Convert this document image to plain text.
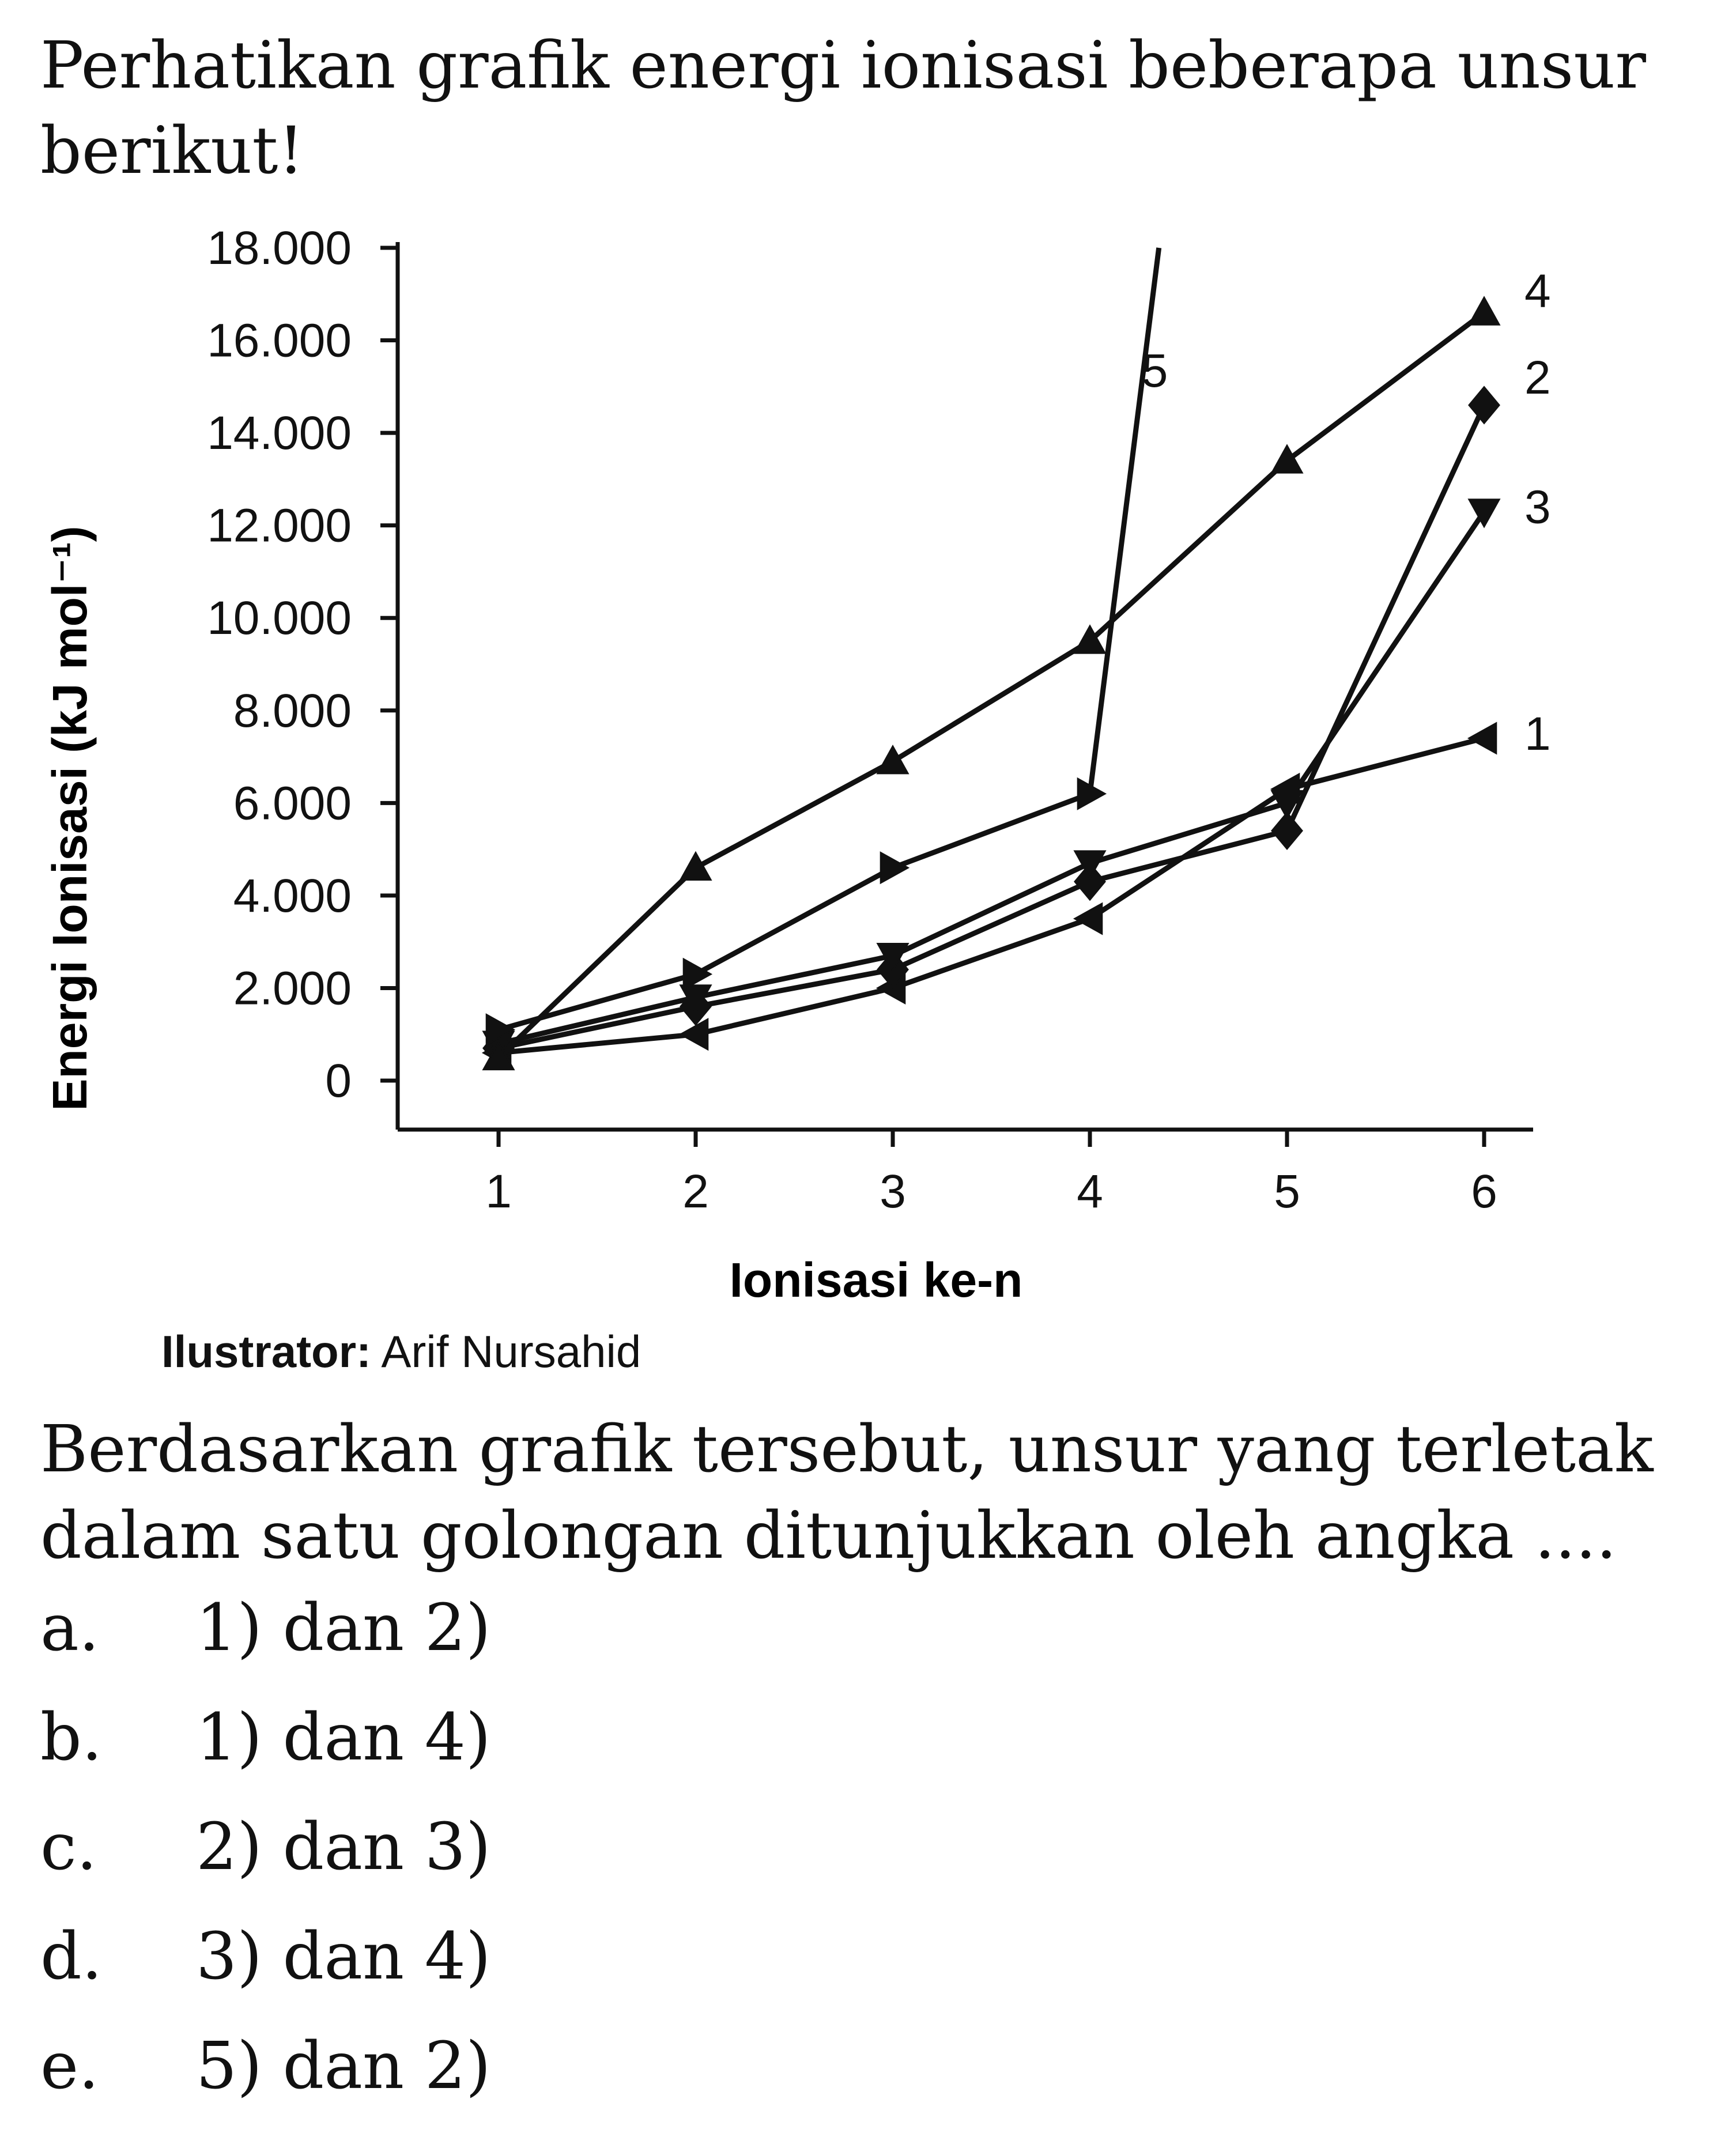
Perhatikan grafik energi ionisasi beberapa unsur berikut!
0
2.000
4.000
6.000
8.000
10.000
12.000
14.000
16.000
18.000
1	2	3	4	5	6
1
2
3
4
5
Energi Ionisasi (kJ mol⁻¹)
Ionisasi ke-n
Ilustrator: Arif Nursahid
Berdasarkan grafik tersebut, unsur yang terletak dalam satu golongan ditunjukkan oleh angka ....
a. 1) dan 2)
b. 1) dan 4)
c. 2) dan 3)
d. 3) dan 4)
e. 5) dan 2)
